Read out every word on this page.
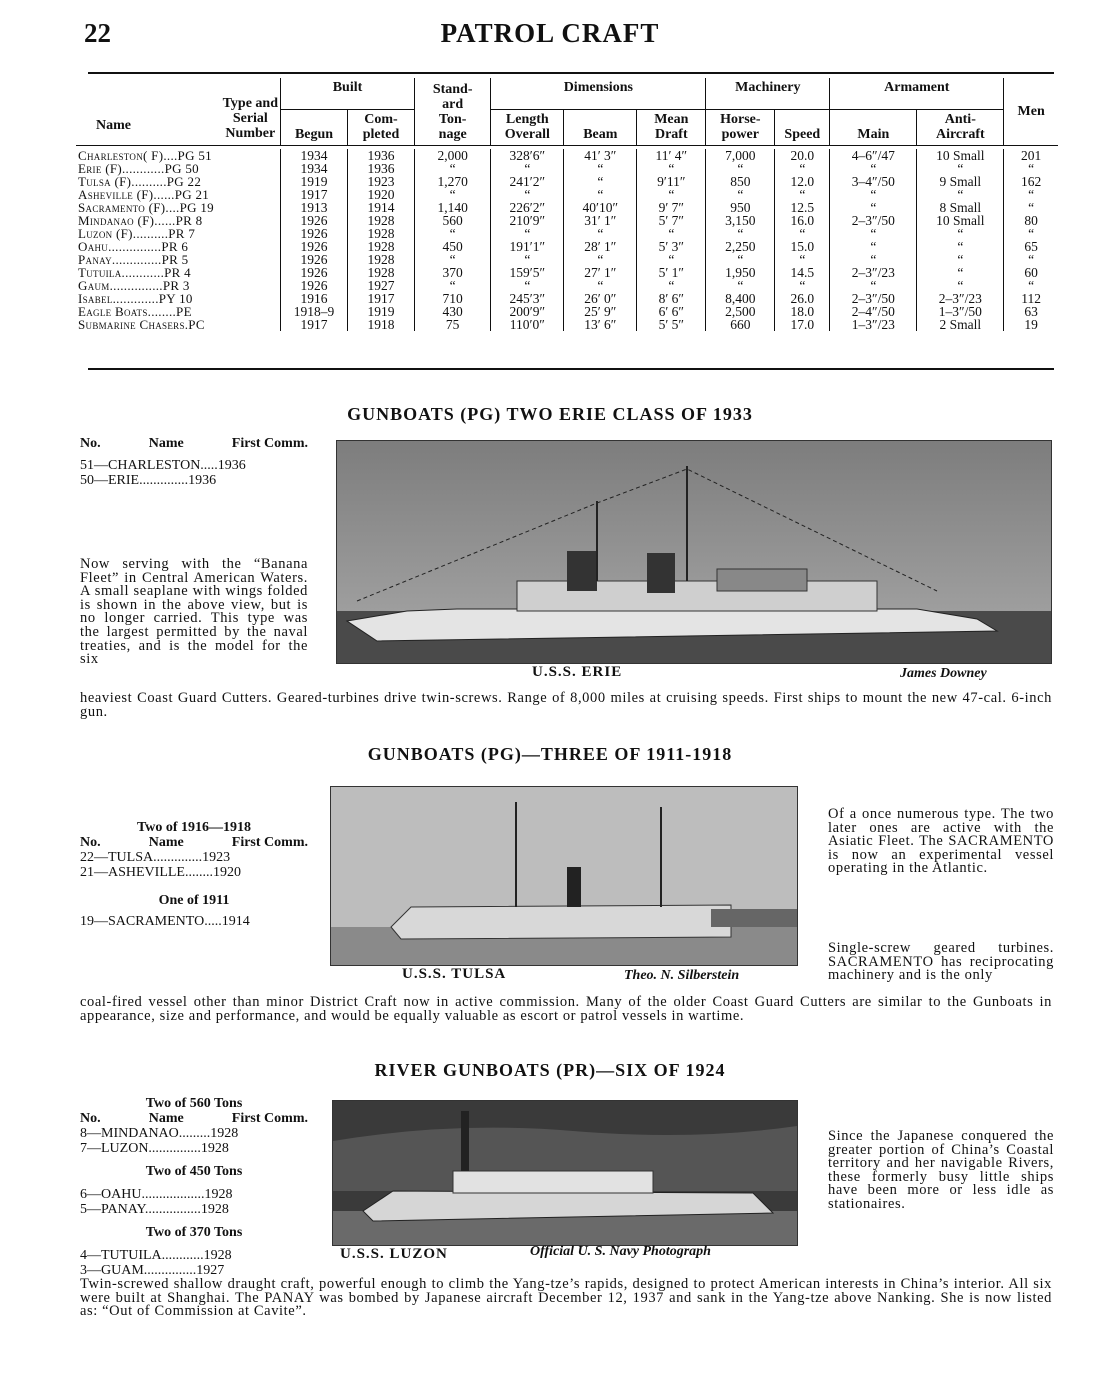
22	PATROL CRAFT
Name
Type and
Serial
Number	Built		Stand-
ard
Ton-
nage	Dimensions			Machinery		Armament		Men
	Begun	Com-
pleted		Length
Overall	Beam	Mean
Draft	Horse-
power	Speed	Main	Anti-
Aircraft	

Charleston( F)....PG 51	1934	1936	2,000	328′6″	41′ 3″	11′ 4″	7,000	20.0	4–6″/47	10 Small	201
Erie (F)............PG 50	1934	1936	“	“	“	“	“	“	“	“	“
Tulsa (F)..........PG 22	1919	1923	1,270	241′2″	“	9′11″	850	12.0	3–4″/50	9 Small	162
Asheville (F)......PG 21	1917	1920	“	“	“	“	“	“	“	“	“
Sacramento (F)....PG 19	1913	1914	1,140	226′2″	40′10″	9′ 7″	950	12.5	“	8 Small	“
Mindanao (F)......PR 8	1926	1928	560	210′9″	31′ 1″	5′ 7″	3,150	16.0	2–3″/50	10 Small	80
Luzon (F)..........PR 7	1926	1928	“	“	“	“	“	“	“	“	“
Oahu...............PR 6	1926	1928	450	191′1″	28′ 1″	5′ 3″	2,250	15.0	“	“	65
Panay..............PR 5	1926	1928	“	“	“	“	“	“	“	“	“
Tutuila............PR 4	1926	1928	370	159′5″	27′ 1″	5′ 1″	1,950	14.5	2–3″/23	“	60
Gaum...............PR 3	1926	1927	“	“	“	“	“	“	“	“	“
Isabel.............PY 10	1916	1917	710	245′3″	26′ 0″	8′ 6″	8,400	26.0	2–3″/50	2–3″/23	112
Eagle Boats........PE	1918–9	1919	430	200′9″	25′ 9″	6′ 6″	2,500	18.0	2–4″/50	1–3″/50	63
Submarine Chasers.PC	1917	1918	75	110′0″	13′ 6″	5′ 5″	660	17.0	1–3″/23	2 Small	19
GUNBOATS (PG) TWO ERIE CLASS OF 1933
No.	Name	First Comm.
51—CHARLESTON.....1936
50—ERIE..............1936
Now serving with the “Banana Fleet” in Central American Waters. A small seaplane with wings folded is shown in the above view, but is no longer carried. This type was the largest permitted by the naval treaties, and is the model for the six
U.S.S. ERIE	James Downey
heaviest Coast Guard Cutters. Geared-turbines drive twin-screws. Range of 8,000 miles at cruising speeds. First ships to mount the new 47-cal. 6-inch gun.
GUNBOATS (PG)—THREE OF 1911-1918
Two of 1916—1918
No.	Name	First Comm.
22—TULSA..............1923
21—ASHEVILLE........1920
One of 1911
19—SACRAMENTO.....1914
Of a once numerous type. The two later ones are active with the Asiatic Fleet. The SACRAMENTO is now an experimental vessel operating in the Atlantic.
Single-screw geared turbines. SACRAMENTO has reciprocating machinery and is the only
U.S.S. TULSA	Theo. N. Silberstein
coal-fired vessel other than minor District Craft now in active commission. Many of the older Coast Guard Cutters are similar to the Gunboats in appearance, size and performance, and would be equally valuable as escort or patrol vessels in wartime.
RIVER GUNBOATS (PR)—SIX OF 1924
Two of 560 Tons
No.	Name	First Comm.
8—MINDANAO.........1928
7—LUZON...............1928
Two of 450 Tons
6—OAHU..................1928
5—PANAY................1928
Two of 370 Tons
4—TUTUILA............1928
3—GUAM...............1927
Since the Japanese conquered the greater portion of China’s Coastal territory and her navigable Rivers, these formerly busy little ships have been more or less idle as stationaires.
U.S.S. LUZON	Official U. S. Navy Photograph
Twin-screwed shallow draught craft, powerful enough to climb the Yang-tze’s rapids, designed to protect American interests in China’s interior. All six were built at Shanghai. The PANAY was bombed by Japanese aircraft December 12, 1937 and sank in the Yang-tze above Nanking. She is now listed as: “Out of Commission at Cavite”.
